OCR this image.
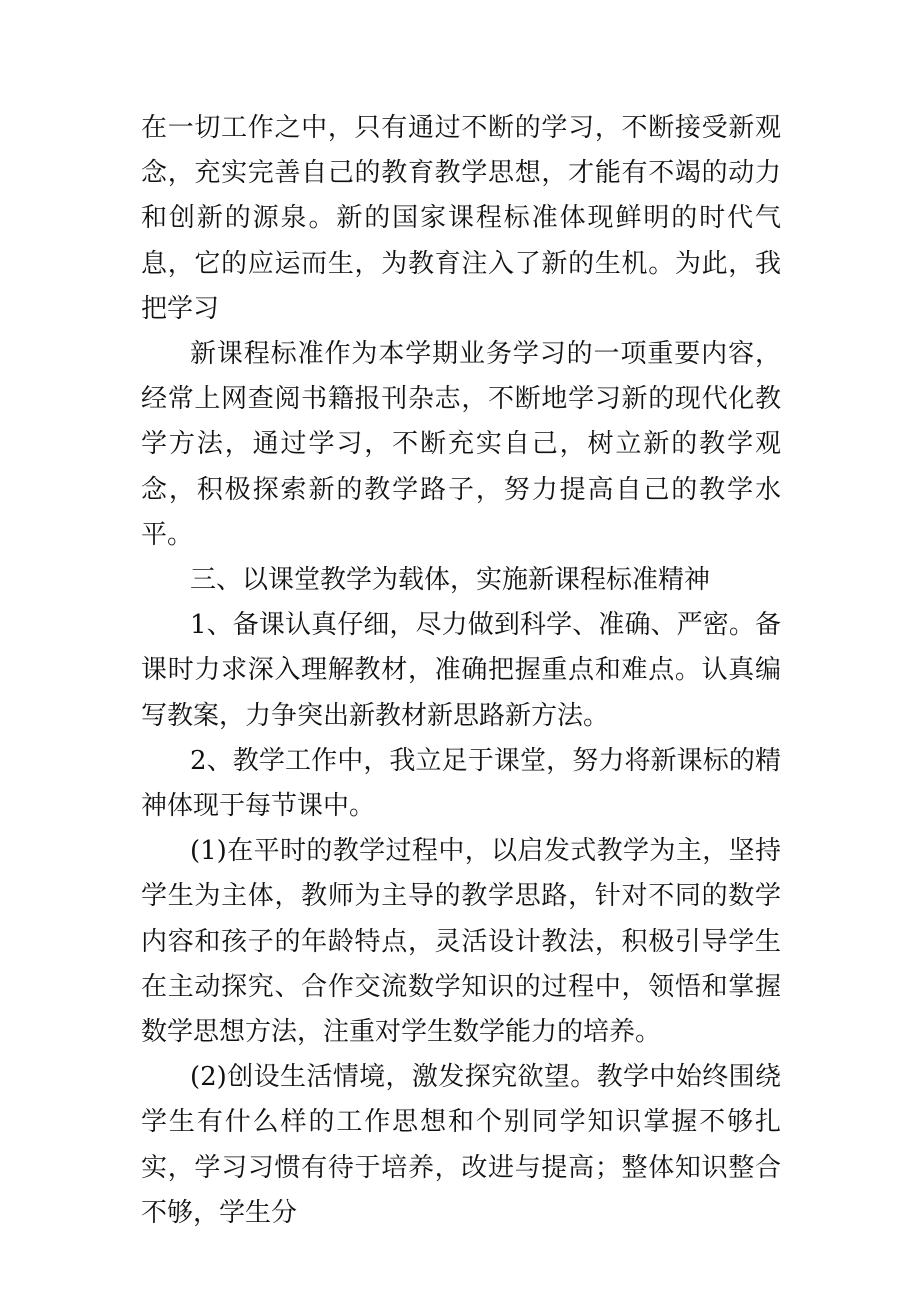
在一切工作之中，只有通过不断的学习，不断接受新观念，充实完善自己的教育教学思想，才能有不竭的动力和创新的源泉。新的国家课程标准体现鲜明的时代气息，它的应运而生，为教育注入了新的生机。为此，我把学习

新课程标准作为本学期业务学习的一项重要内容，经常上网查阅书籍报刊杂志，不断地学习新的现代化教学方法，通过学习，不断充实自己，树立新的教学观念，积极探索新的教学路子，努力提高自己的教学水平。

三、以课堂教学为载体，实施新课程标准精神

1、备课认真仔细，尽力做到科学、准确、严密。备课时力求深入理解教材，准确把握重点和难点。认真编写教案，力争突出新教材新思路新方法。

2、教学工作中，我立足于课堂，努力将新课标的精神体现于每节课中。

(1)在平时的教学过程中，以启发式教学为主，坚持学生为主体，教师为主导的教学思路，针对不同的数学内容和孩子的年龄特点，灵活设计教法，积极引导学生在主动探究、合作交流数学知识的过程中，领悟和掌握数学思想方法，注重对学生数学能力的培养。

(2)创设生活情境，激发探究欲望。教学中始终围绕学生有什么样的工作思想和个别同学知识掌握不够扎实，学习习惯有待于培养，改进与提高；整体知识整合不够，学生分
